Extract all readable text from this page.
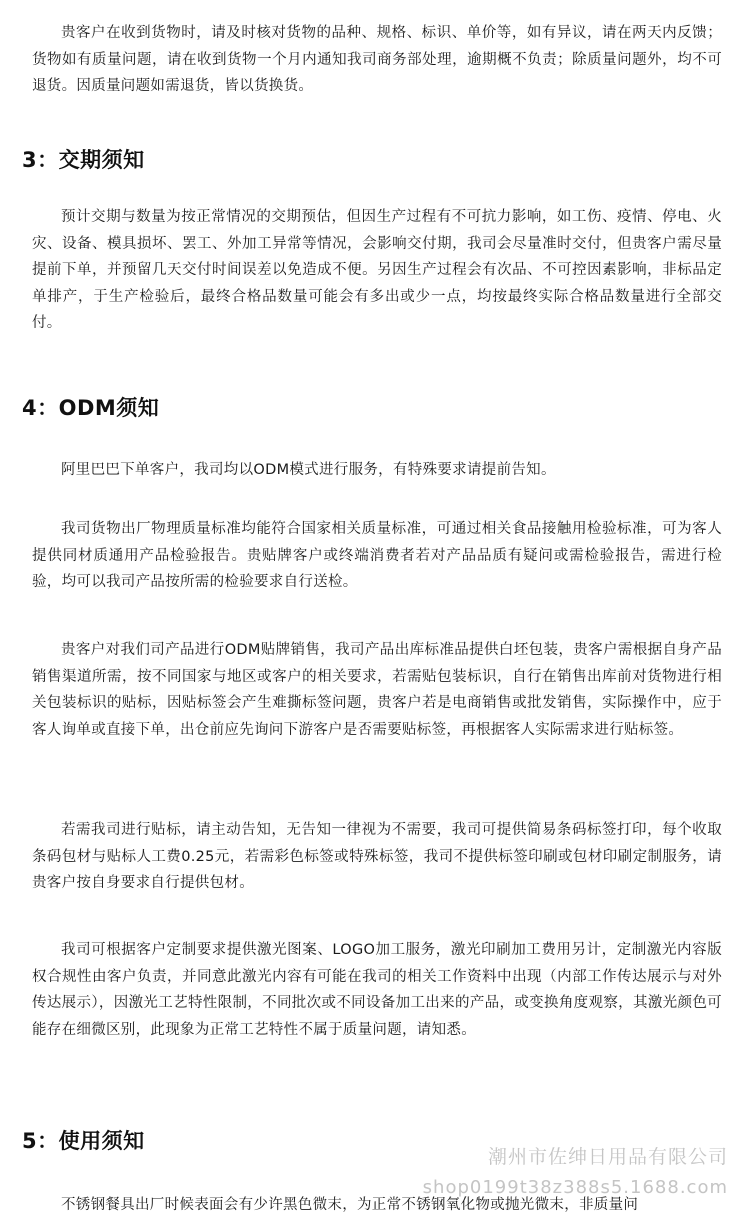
贵客户在收到货物时，请及时核对货物的品种、规格、标识、单价等，如有异议，请在两天内反馈；货物如有质量问题，请在收到货物一个月内通知我司商务部处理，逾期概不负责；除质量问题外，均不可退货。因质量问题如需退货，皆以货换货。

3：交期须知

预计交期与数量为按正常情况的交期预估，但因生产过程有不可抗力影响，如工伤、疫情、停电、火灾、设备、模具损坏、罢工、外加工异常等情况，会影响交付期，我司会尽量准时交付，但贵客户需尽量提前下单，并预留几天交付时间误差以免造成不便。另因生产过程会有次品、不可控因素影响，非标品定单排产，于生产检验后，最终合格品数量可能会有多出或少一点，均按最终实际合格品数量进行全部交付。

4：ODM须知

阿里巴巴下单客户，我司均以ODM模式进行服务，有特殊要求请提前告知。

我司货物出厂物理质量标准均能符合国家相关质量标准，可通过相关食品接触用检验标准，可为客人提供同材质通用产品检验报告。贵贴牌客户或终端消费者若对产品品质有疑问或需检验报告，需进行检验，均可以我司产品按所需的检验要求自行送检。

贵客户对我们司产品进行ODM贴牌销售，我司产品出库标准品提供白坯包装，贵客户需根据自身产品销售渠道所需，按不同国家与地区或客户的相关要求，若需贴包装标识，自行在销售出库前对货物进行相关包装标识的贴标，因贴标签会产生难撕标签问题，贵客户若是电商销售或批发销售，实际操作中，应于客人询单或直接下单，出仓前应先询问下游客户是否需要贴标签，再根据客人实际需求进行贴标签。

若需我司进行贴标，请主动告知，无告知一律视为不需要，我司可提供简易条码标签打印，每个收取条码包材与贴标人工费0.25元，若需彩色标签或特殊标签，我司不提供标签印刷或包材印刷定制服务，请贵客户按自身要求自行提供包材。

我司可根据客户定制要求提供激光图案、LOGO加工服务，激光印刷加工费用另计，定制激光内容版权合规性由客户负责，并同意此激光内容有可能在我司的相关工作资料中出现（内部工作传达展示与对外传达展示），因激光工艺特性限制，不同批次或不同设备加工出来的产品，或变换角度观察，其激光颜色可能存在细微区别，此现象为正常工艺特性不属于质量问题，请知悉。

5：使用须知

不锈钢餐具出厂时候表面会有少许黑色微末，为正常不锈钢氧化物或抛光微末，非质量问

潮州市佐绅日用品有限公司
shop0199t38z388s5.1688.com
